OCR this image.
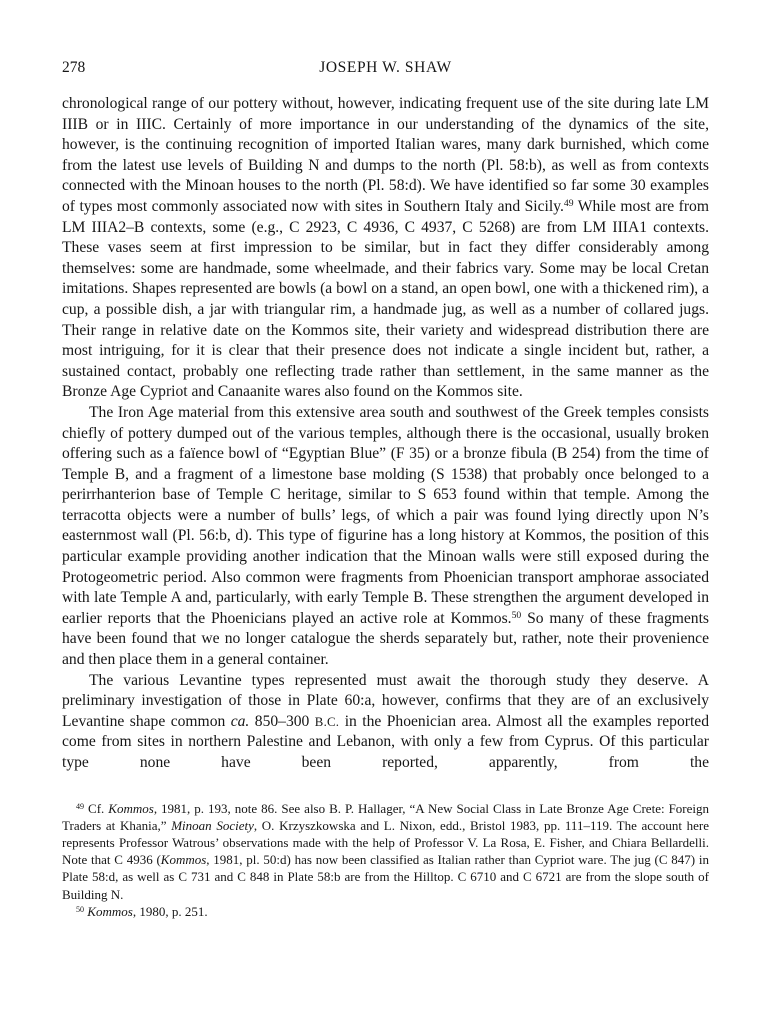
278	JOSEPH W. SHAW

chronological range of our pottery without, however, indicating frequent use of the site during late LM IIIB or in IIIC. Certainly of more importance in our understanding of the dynamics of the site, however, is the continuing recognition of imported Italian wares, many dark burnished, which come from the latest use levels of Building N and dumps to the north (Pl. 58:b), as well as from contexts connected with the Minoan houses to the north (Pl. 58:d). We have identified so far some 30 examples of types most commonly associated now with sites in Southern Italy and Sicily.$^{49}$ While most are from LM IIIA2–B contexts, some (e.g., C 2923, C 4936, C 4937, C 5268) are from LM IIIA1 contexts. These vases seem at first impression to be similar, but in fact they differ considerably among themselves: some are handmade, some wheelmade, and their fabrics vary. Some may be local Cretan imitations. Shapes represented are bowls (a bowl on a stand, an open bowl, one with a thickened rim), a cup, a possible dish, a jar with triangular rim, a handmade jug, as well as a number of collared jugs. Their range in relative date on the Kommos site, their variety and widespread distribution there are most intriguing, for it is clear that their presence does not indicate a single incident but, rather, a sustained contact, probably one reflecting trade rather than settlement, in the same manner as the Bronze Age Cypriot and Canaanite wares also found on the Kommos site.

The Iron Age material from this extensive area south and southwest of the Greek temples consists chiefly of pottery dumped out of the various temples, although there is the occasional, usually broken offering such as a faïence bowl of “Egyptian Blue” (F 35) or a bronze fibula (B 254) from the time of Temple B, and a fragment of a limestone base molding (S 1538) that probably once belonged to a perirrhanterion base of Temple C heritage, similar to S 653 found within that temple. Among the terracotta objects were a number of bulls’ legs, of which a pair was found lying directly upon N’s easternmost wall (Pl. 56:b, d). This type of figurine has a long history at Kommos, the position of this particular example providing another indication that the Minoan walls were still exposed during the Protogeometric period. Also common were fragments from Phoenician transport amphorae associated with late Temple A and, particularly, with early Temple B. These strengthen the argument developed in earlier reports that the Phoenicians played an active role at Kommos.$^{50}$ So many of these fragments have been found that we no longer catalogue the sherds separately but, rather, note their provenience and then place them in a general container.

The various Levantine types represented must await the thorough study they deserve. A preliminary investigation of those in Plate 60:a, however, confirms that they are of an exclusively Levantine shape common ca. 850–300 B.C. in the Phoenician area. Almost all the examples reported come from sites in northern Palestine and Lebanon, with only a few from Cyprus. Of this particular type none have been reported, apparently, from the

$^{49}$ Cf. Kommos, 1981, p. 193, note 86. See also B. P. Hallager, “A New Social Class in Late Bronze Age Crete: Foreign Traders at Khania,” Minoan Society, O. Krzyszkowska and L. Nixon, edd., Bristol 1983, pp. 111–119. The account here represents Professor Watrous’ observations made with the help of Professor V. La Rosa, E. Fisher, and Chiara Bellardelli. Note that C 4936 (Kommos, 1981, pl. 50:d) has now been classified as Italian rather than Cypriot ware. The jug (C 847) in Plate 58:d, as well as C 731 and C 848 in Plate 58:b are from the Hilltop. C 6710 and C 6721 are from the slope south of Building N.

$^{50}$ Kommos, 1980, p. 251.
